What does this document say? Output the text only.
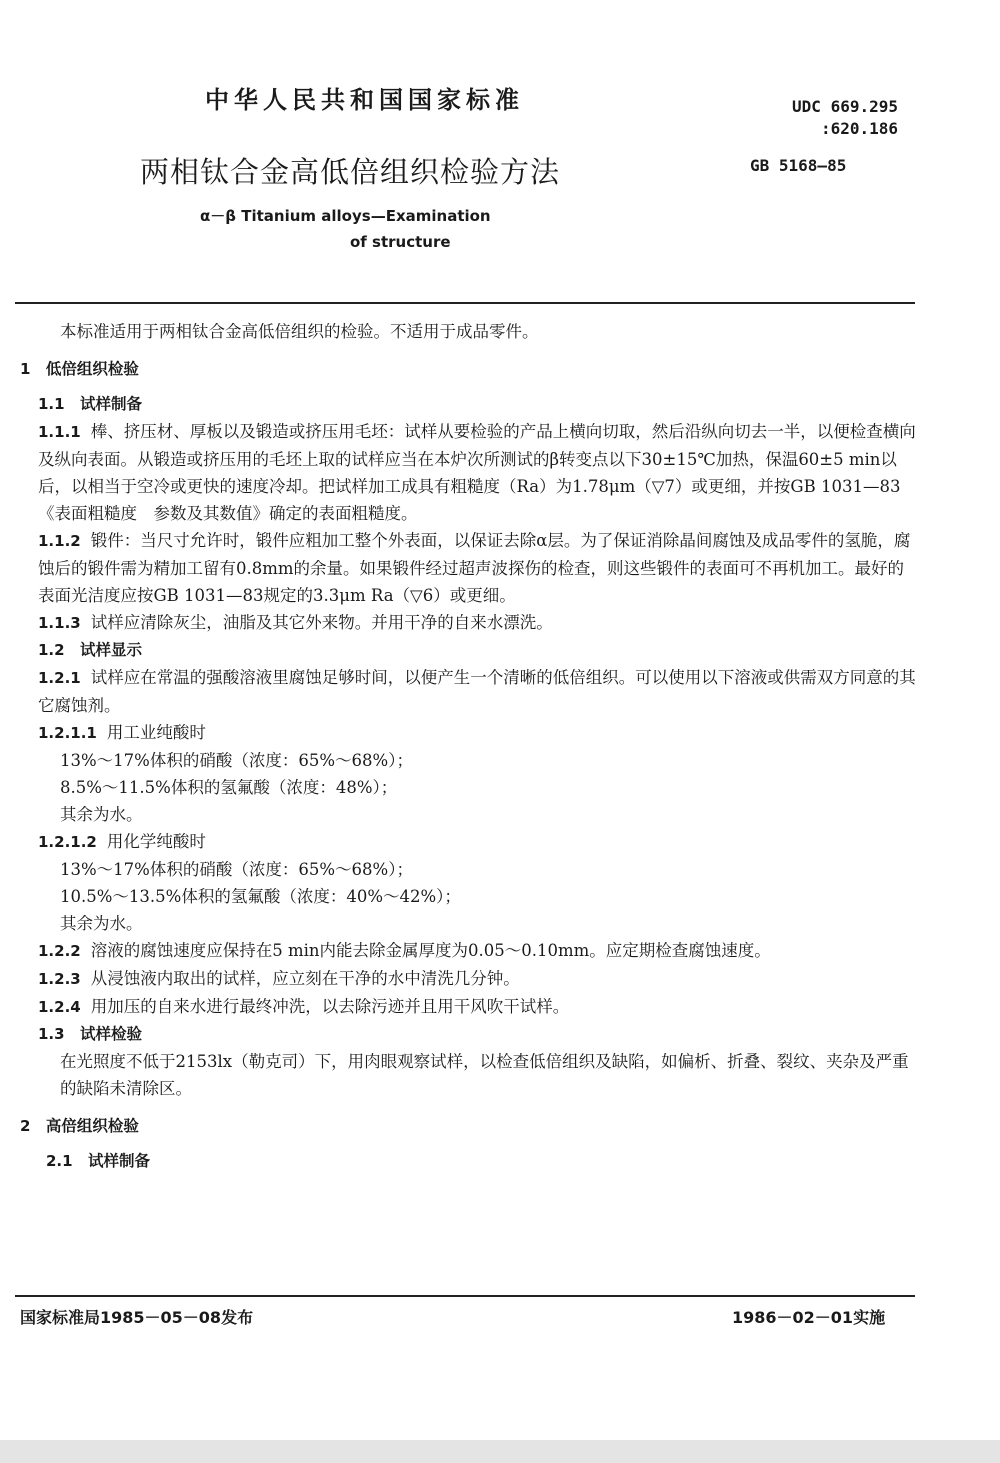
中华人民共和国国家标准	UDC 669.295
:620.186
GB 5168—85
两相钛合金高低倍组织检验方法
α－β Titanium alloys—Examination
of structure

本标准适用于两相钛合金高低倍组织的检验。不适用于成品零件。

1 低倍组织检验
1.1 试样制备

1.1.1 棒、挤压材、厚板以及锻造或挤压用毛坯：试样从要检验的产品上横向切取，然后沿纵向切去一半，以便检查横向及纵向表面。从锻造或挤压用的毛坯上取的试样应当在本炉次所测试的β转变点以下30±15℃加热，保温60±5 min以后，以相当于空冷或更快的速度冷却。把试样加工成具有粗糙度（Ra）为1.78μm（▽7）或更细，并按GB 1031—83《表面粗糙度　参数及其数值》确定的表面粗糙度。

1.1.2 锻件：当尺寸允许时，锻件应粗加工整个外表面，以保证去除α层。为了保证消除晶间腐蚀及成品零件的氢脆，腐蚀后的锻件需为精加工留有0.8mm的余量。如果锻件经过超声波探伤的检查，则这些锻件的表面可不再机加工。最好的表面光洁度应按GB 1031—83规定的3.3μm Ra（▽6）或更细。

1.1.3 试样应清除灰尘，油脂及其它外来物。并用干净的自来水漂洗。

1.2 试样显示

1.2.1 试样应在常温的强酸溶液里腐蚀足够时间，以便产生一个清晰的低倍组织。可以使用以下溶液或供需双方同意的其它腐蚀剂。

1.2.1.1 用工业纯酸时

13%～17%体积的硝酸（浓度：65%～68%）；

8.5%～11.5%体积的氢氟酸（浓度：48%）；

其余为水。

1.2.1.2 用化学纯酸时

13%～17%体积的硝酸（浓度：65%～68%）；

10.5%～13.5%体积的氢氟酸（浓度：40%～42%）；

其余为水。

1.2.2 溶液的腐蚀速度应保持在5 min内能去除金属厚度为0.05～0.10mm。应定期检查腐蚀速度。

1.2.3 从浸蚀液内取出的试样，应立刻在干净的水中清洗几分钟。

1.2.4 用加压的自来水进行最终冲洗，以去除污迹并且用干风吹干试样。

1.3 试样检验

在光照度不低于2153lx（勒克司）下，用肉眼观察试样，以检查低倍组织及缺陷，如偏析、折叠、裂纹、夹杂及严重的缺陷未清除区。

2 高倍组织检验
2.1 试样制备
国家标准局1985－05－08发布	1986－02－01实施
